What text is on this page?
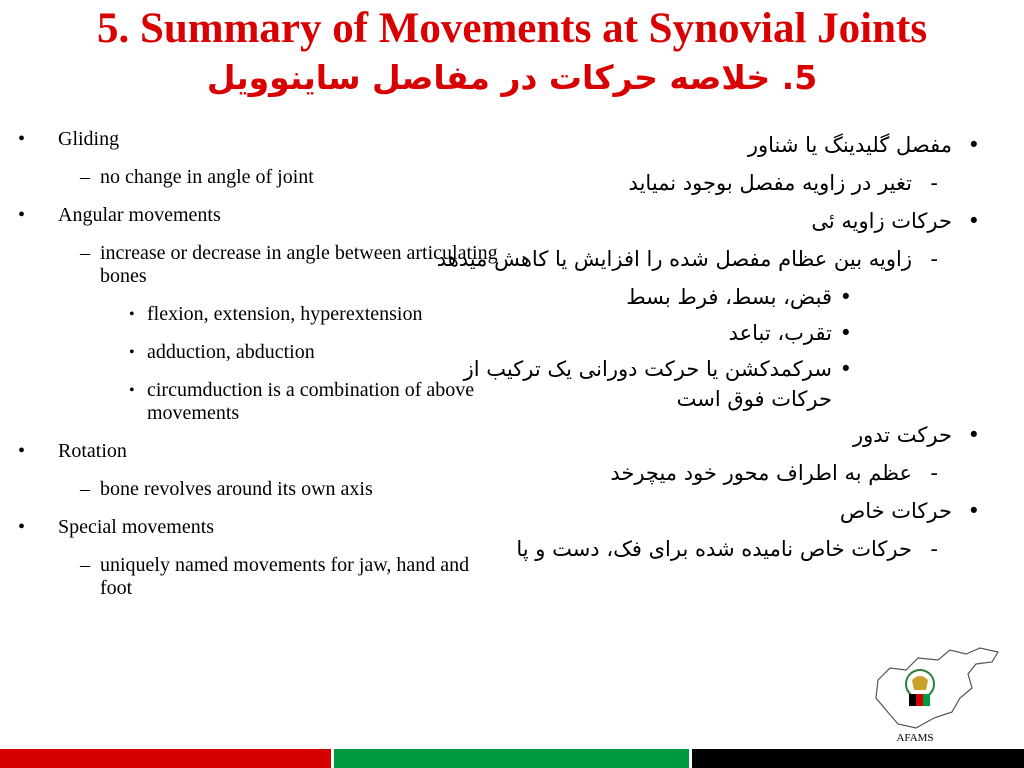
5. Summary of Movements at Synovial Joints
5. خلاصه حرکات در مفاصل ساینوویل
• Gliding
– no change in angle of joint
• Angular movements
– increase or decrease in angle between articulating bones
• flexion, extension, hyperextension
• adduction, abduction
• circumduction is a combination of above movements
• Rotation
– bone revolves around its own axis
• Special movements
– uniquely named movements for jaw, hand and foot
•
مفصل گلیدینگ یا شناور
-
تغیر در زاویه مفصل بوجود نمیاید
•
حرکات زاویه ئی
-
زاویه بین عظام مفصل شده را افزایش یا کاهش میدهد
•
قبض، بسط، فرط بسط
•
تقرب، تباعد
•
سرکمدکشن یا حرکت دورانی یک ترکیب از حرکات فوق است
•
حرکت تدور
-
عظم به اطراف محور خود میچرخد
•
حرکات خاص
-
حرکات خاص نامیده شده برای فک، دست و پا
AFAMS
